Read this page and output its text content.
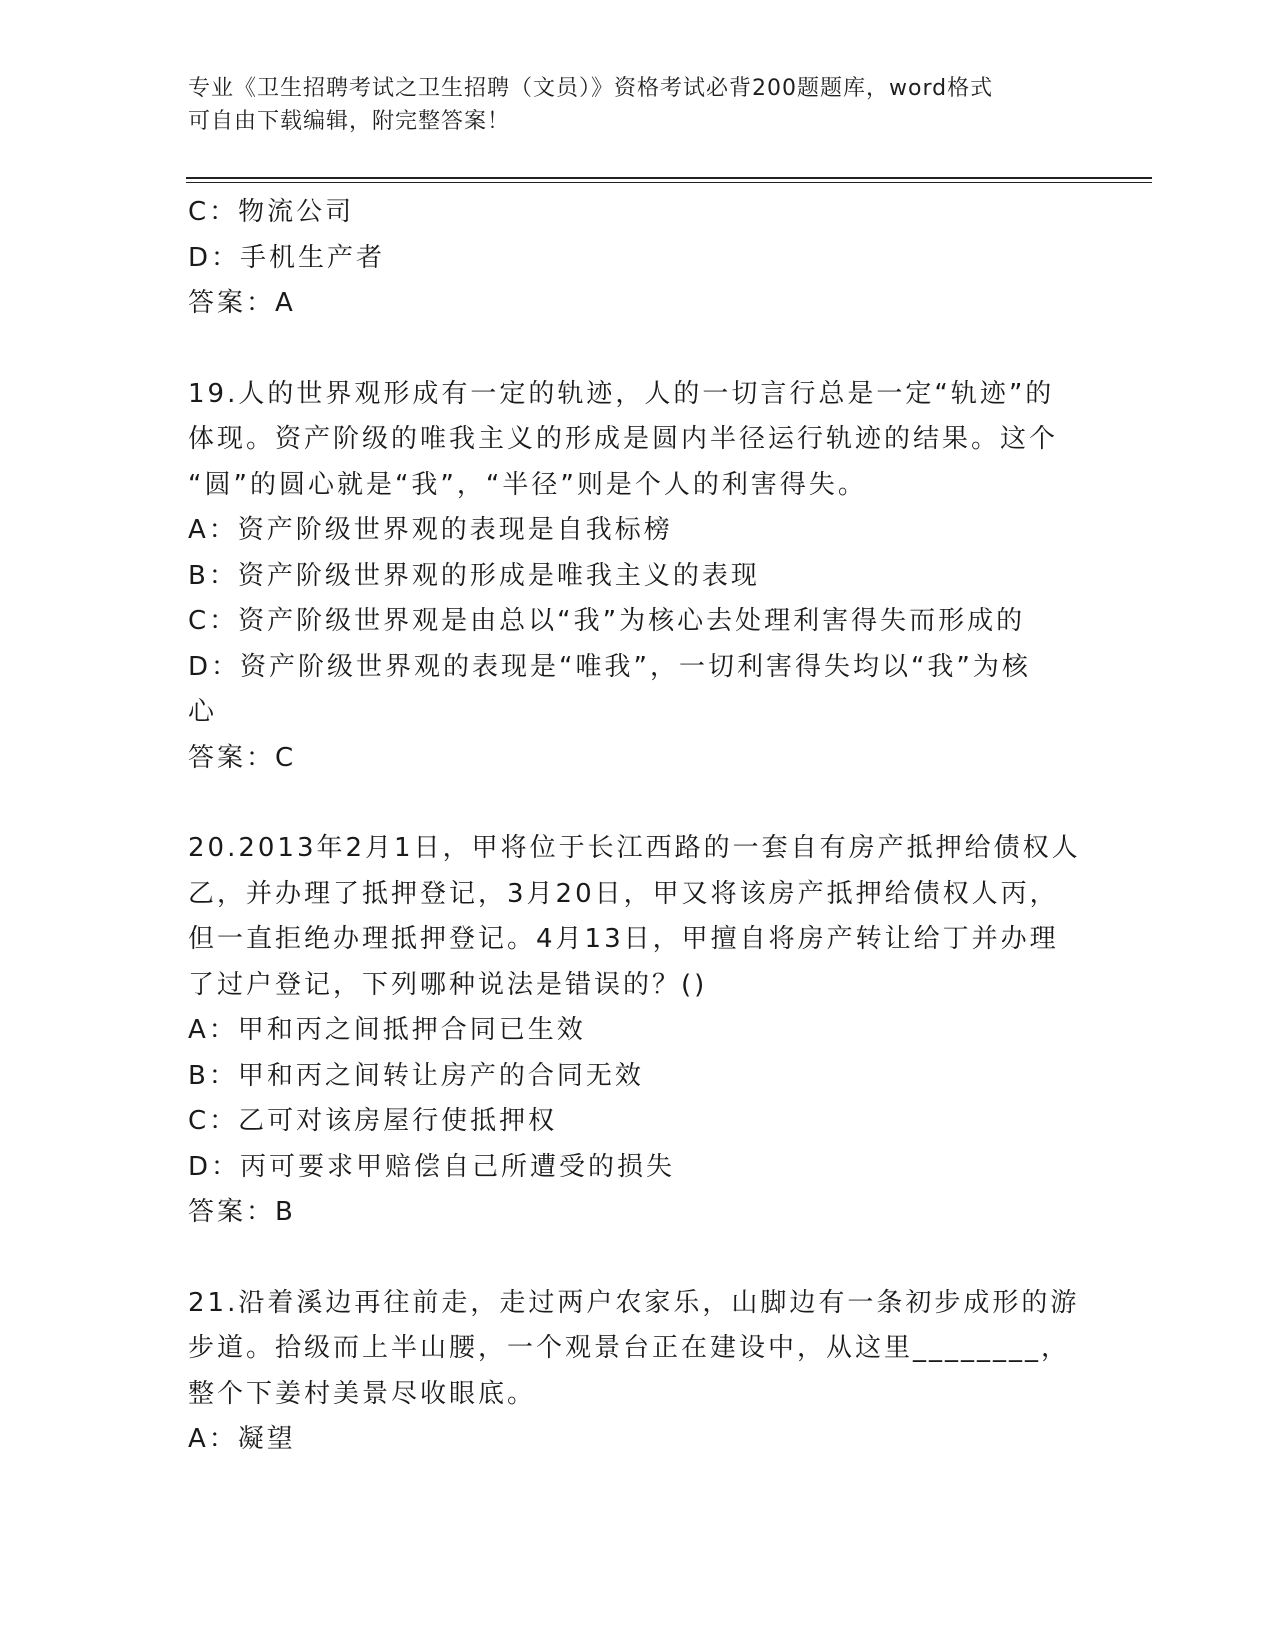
专业《卫生招聘考试之卫生招聘（文员）》资格考试必背200题题库，word格式
可自由下载编辑，附完整答案！
C：物流公司
D：手机生产者
答案：A
19.人的世界观形成有一定的轨迹，人的一切言行总是一定“轨迹”的
体现。资产阶级的唯我主义的形成是圆内半径运行轨迹的结果。这个
“圆”的圆心就是“我”，“半径”则是个人的利害得失。
A：资产阶级世界观的表现是自我标榜
B：资产阶级世界观的形成是唯我主义的表现
C：资产阶级世界观是由总以“我”为核心去处理利害得失而形成的
D：资产阶级世界观的表现是“唯我”，一切利害得失均以“我”为核
心
答案：C
20.2013年2月1日，甲将位于长江西路的一套自有房产抵押给债权人
乙，并办理了抵押登记，3月20日，甲又将该房产抵押给债权人丙，
但一直拒绝办理抵押登记。4月13日，甲擅自将房产转让给丁并办理
了过户登记，下列哪种说法是错误的？()
A：甲和丙之间抵押合同已生效
B：甲和丙之间转让房产的合同无效
C：乙可对该房屋行使抵押权
D：丙可要求甲赔偿自己所遭受的损失
答案：B
21.沿着溪边再往前走，走过两户农家乐，山脚边有一条初步成形的游
步道。拾级而上半山腰，一个观景台正在建设中，从这里________，
整个下姜村美景尽收眼底。
A：凝望
